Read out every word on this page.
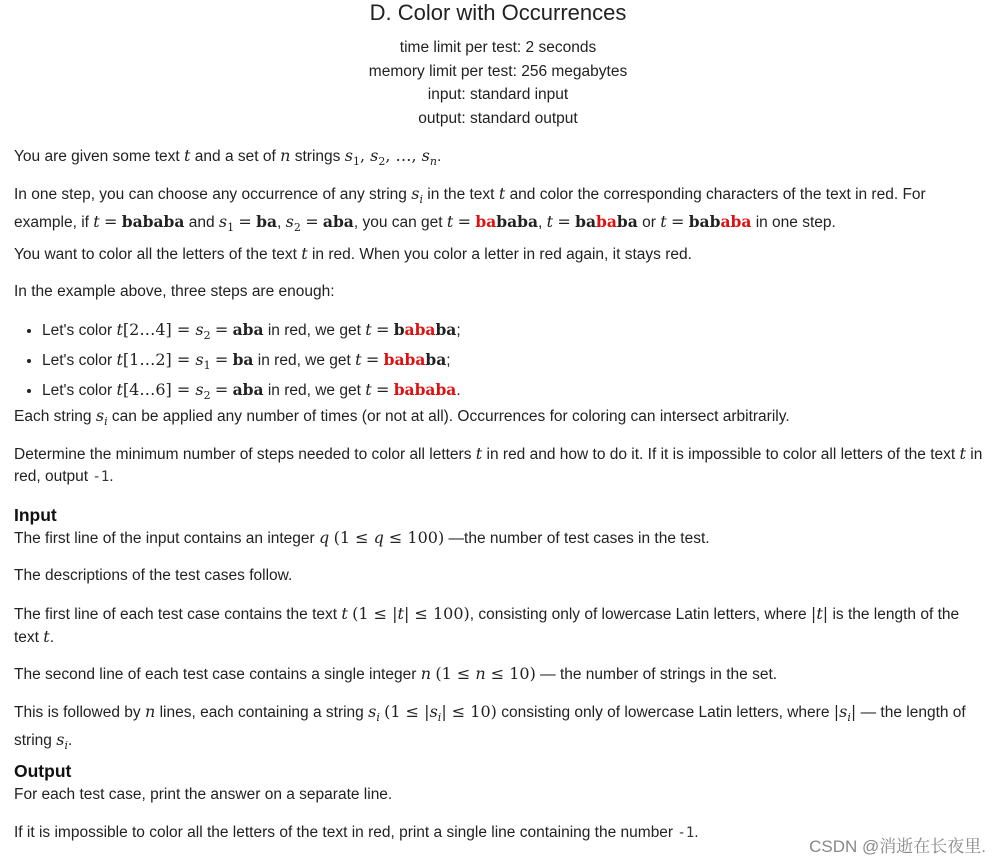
D. Color with Occurrences
time limit per test: 2 seconds
memory limit per test: 256 megabytes
input: standard input
output: standard output
You are given some text t and a set of n strings $s_1$, $s_2$, …, $s_n$.
In one step, you can choose any occurrence of any string $s_i$ in the text t and color the corresponding characters of the text in red. For example, if t = bababa and $s_1$ = ba, $s_2$ = aba, you can get t = bababa, t = bababa or t = bababa in one step.
You want to color all the letters of the text t in red. When you color a letter in red again, it stays red.
In the example above, three steps are enough:
• Let's color t[2…4] = $s_2$ = aba in red, we get t = bababa;
• Let's color t[1…2] = $s_1$ = ba in red, we get t = bababa;
• Let's color t[4…6] = $s_2$ = aba in red, we get t = bababa.
Each string $s_i$ can be applied any number of times (or not at all). Occurrences for coloring can intersect arbitrarily.
Determine the minimum number of steps needed to color all letters t in red and how to do it. If it is impossible to color all letters of the text t in red, output -1.
Input
The first line of the input contains an integer q (1 ≤ q ≤ 100) —the number of test cases in the test.
The descriptions of the test cases follow.
The first line of each test case contains the text t (1 ≤ |t| ≤ 100), consisting only of lowercase Latin letters, where |t| is the length of the text t.
The second line of each test case contains a single integer n (1 ≤ n ≤ 10) — the number of strings in the set.
This is followed by n lines, each containing a string $s_i$ $(1 \le |s_i| \le 10)$ consisting only of lowercase Latin letters, where $|s_i|$ — the length of string $s_i$.
Output
For each test case, print the answer on a separate line.
If it is impossible to color all the letters of the text in red, print a single line containing the number -1.
CSDN @消逝在长夜里.
